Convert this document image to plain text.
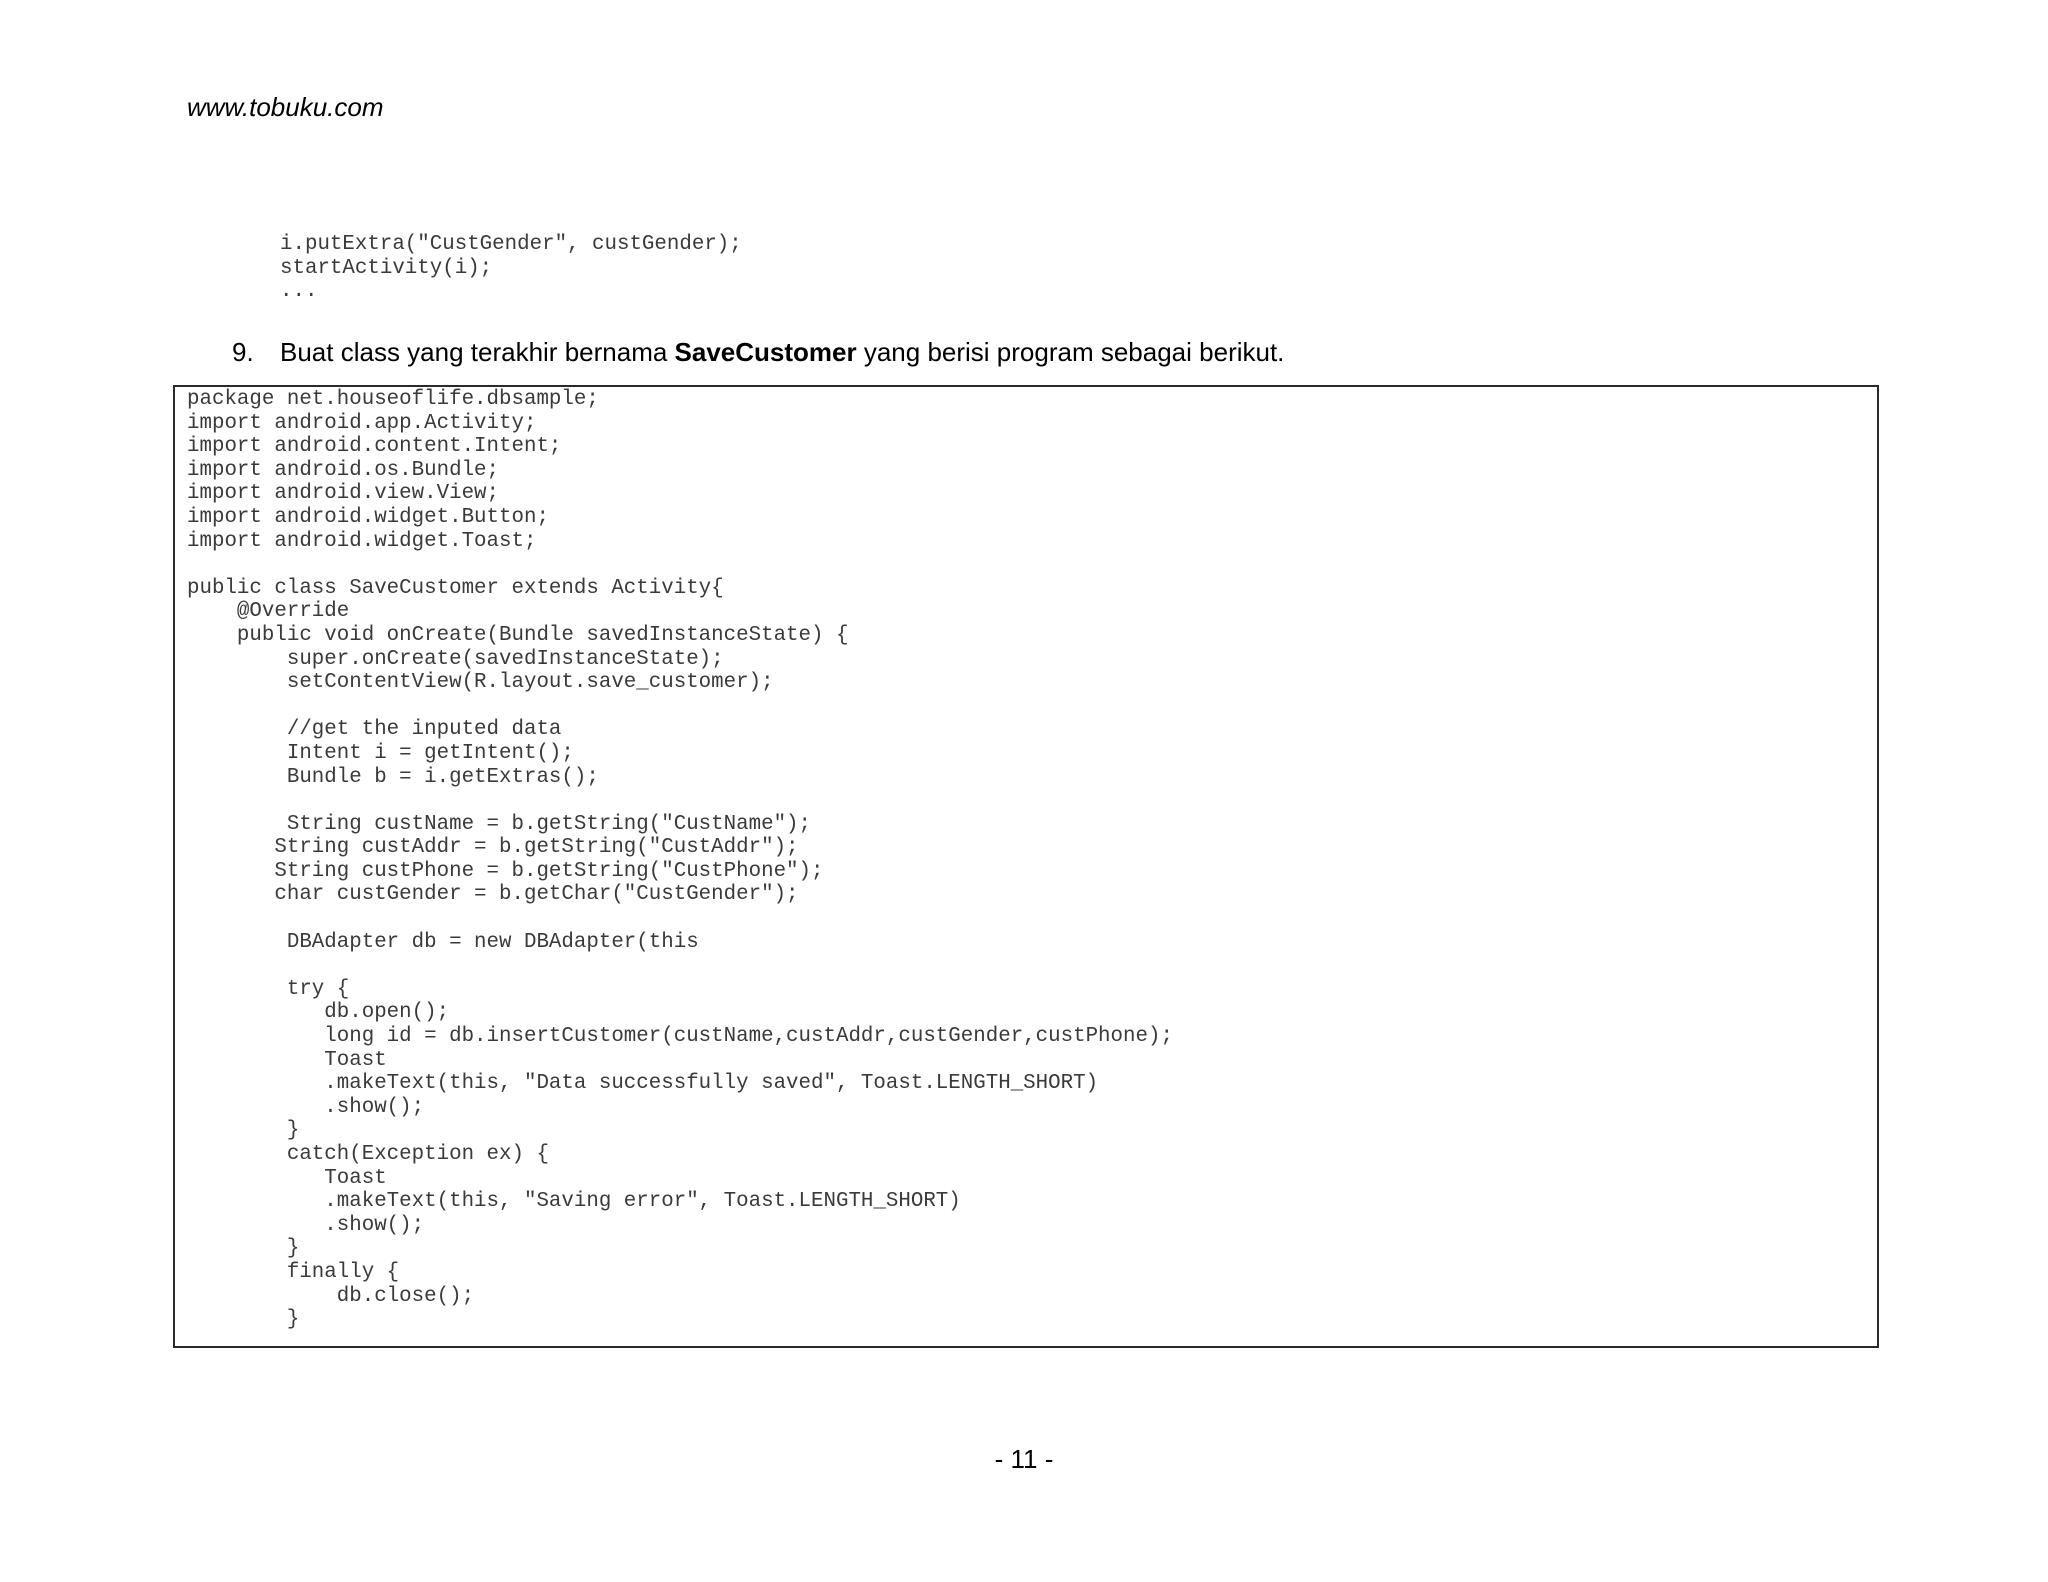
www.tobuku.com
i.putExtra("CustGender", custGender);
startActivity(i);
...
9. Buat class yang terakhir bernama SaveCustomer yang berisi program sebagai berikut.
package net.houseoflife.dbsample;
import android.app.Activity;
import android.content.Intent;
import android.os.Bundle;
import android.view.View;
import android.widget.Button;
import android.widget.Toast;

public class SaveCustomer extends Activity{
@Override
public void onCreate(Bundle savedInstanceState) {
super.onCreate(savedInstanceState);
setContentView(R.layout.save_customer);

//get the inputed data
Intent i = getIntent();
Bundle b = i.getExtras();

String custName = b.getString("CustName");
String custAddr = b.getString("CustAddr");
String custPhone = b.getString("CustPhone");
char custGender = b.getChar("CustGender");

DBAdapter db = new DBAdapter(this

try {
db.open();
long id = db.insertCustomer(custName,custAddr,custGender,custPhone);
Toast
.makeText(this, "Data successfully saved", Toast.LENGTH_SHORT)
.show();
}
catch(Exception ex) {
Toast
.makeText(this, "Saving error", Toast.LENGTH_SHORT)
.show();
}
finally {
db.close();
}
- 11 -
